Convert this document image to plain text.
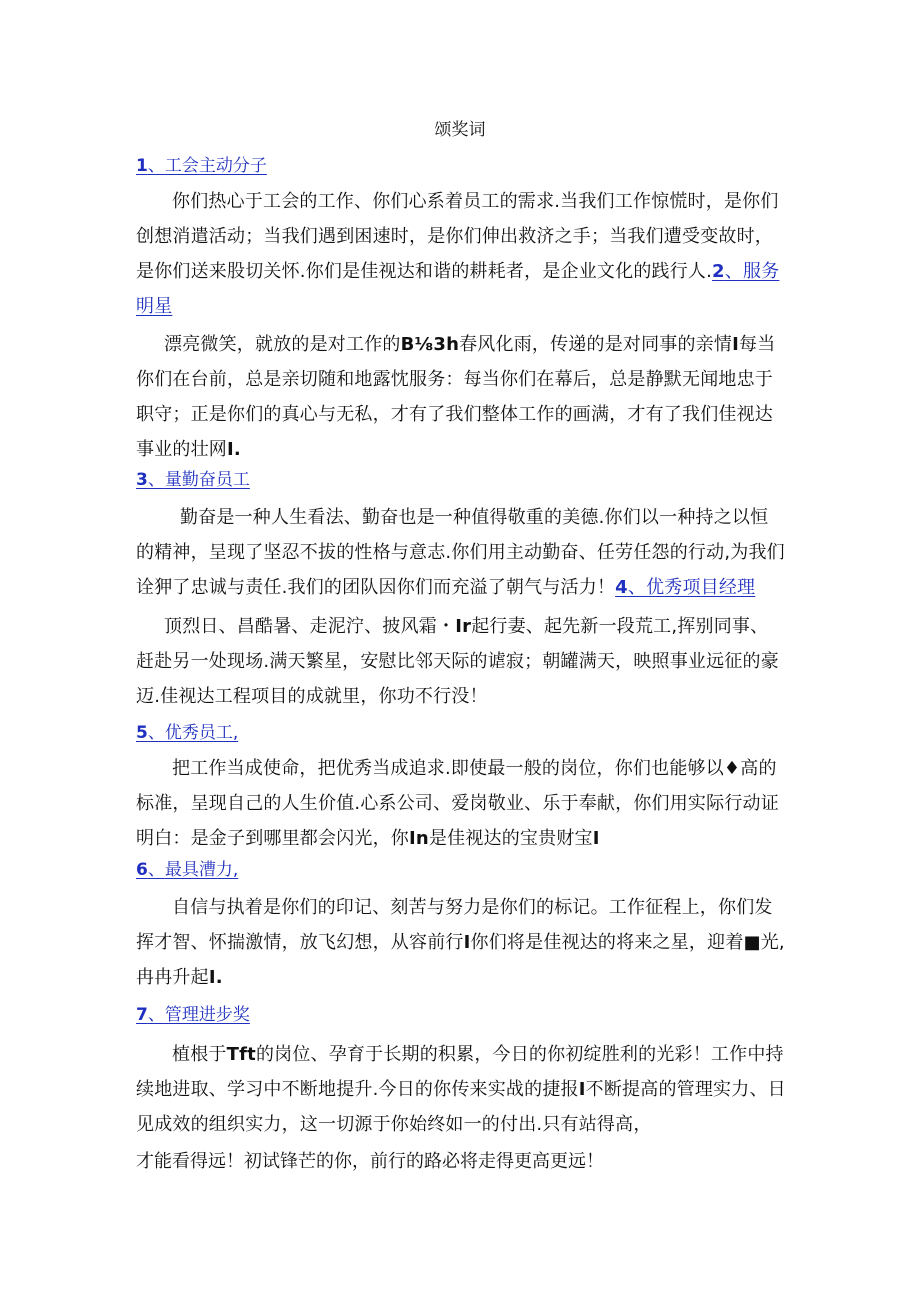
颂奖词
1、工会主动分子

你们热心于工会的工作、你们心系着员工的需求.当我们工作惊慌时，是你们创想消遣活动；当我们遇到困速时，是你们伸出救济之手；当我们遭受变故时，是你们送来股切关怀.你们是佳视达和谐的耕耗者，是企业文化的践行人.2、服务明星

漂亮微笑，就放的是对工作的B⅛3h春风化雨，传递的是对同事的亲情I每当你们在台前，总是亲切随和地露忱服务：每当你们在幕后，总是静默无闻地忠于职守；正是你们的真心与无私，才有了我们整体工作的画满，才有了我们佳视达事业的壮网I.

3、量勤奋员工

勤奋是一种人生看法、勤奋也是一种值得敬重的美德.你们以一种持之以恒的精神，呈现了坚忍不拔的性格与意志.你们用主动勤奋、任劳任怨的行动,为我们诠狎了忠诚与责任.我们的团队因你们而充溢了朝气与活力！4、优秀项目经理

顶烈日、昌酷暑、走泥泞、披风霜・Ir起行妻、起先新一段荒工,挥别同事、赶赴另一处现场.满天繁星，安慰比邻天际的谑寂；朝罐满天，映照事业远征的豪迈.佳视达工程项目的成就里，你功不行没！

5、优秀员工,

把工作当成使命，把优秀当成追求.即使最一般的岗位，你们也能够以♦高的标准，呈现自己的人生价值.心系公司、爱岗敬业、乐于奉献，你们用实际行动证明白：是金子到哪里都会闪光，你In是佳视达的宝贵财宝I

6、最具漕力,

自信与执着是你们的印记、刻苦与努力是你们的标记。工作征程上，你们发挥才智、怀揣激情，放飞幻想，从容前行I你们将是佳视达的将来之星，迎着■光,冉冉升起I.

7、管理进步奖

植根于Tft的岗位、孕育于长期的积累，今日的你初绽胜利的光彩！工作中持续地进取、学习中不断地提升.今日的你传来实战的捷报I不断提高的管理实力、日见成效的组织实力，这一切源于你始终如一的付出.只有站得高，

才能看得远！初试锋芒的你，前行的路必将走得更高更远！
